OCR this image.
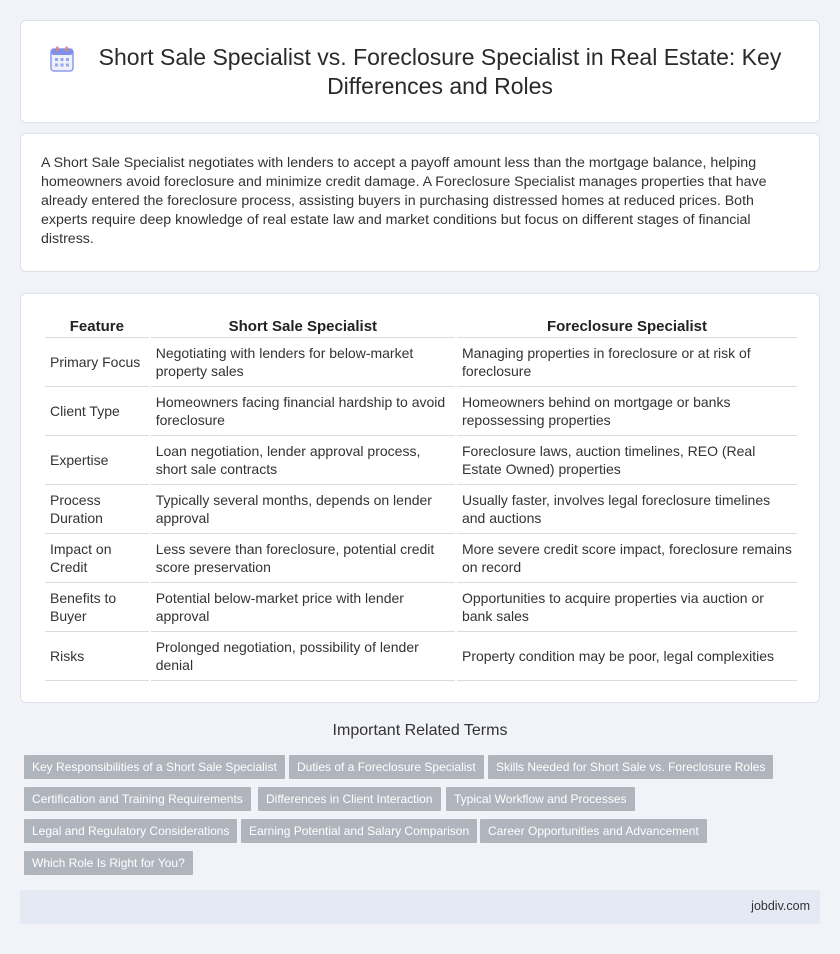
Short Sale Specialist vs. Foreclosure Specialist in Real Estate: Key Differences and Roles

A Short Sale Specialist negotiates with lenders to accept a payoff amount less than the mortgage balance, helping homeowners avoid foreclosure and minimize credit damage. A Foreclosure Specialist manages properties that have already entered the foreclosure process, assisting buyers in purchasing distressed homes at reduced prices. Both experts require deep knowledge of real estate law and market conditions but focus on different stages of financial distress.

Feature	Short Sale Specialist	Foreclosure Specialist
Primary Focus	Negotiating with lenders for below-market property sales	Managing properties in foreclosure or at risk of foreclosure
Client Type	Homeowners facing financial hardship to avoid foreclosure	Homeowners behind on mortgage or banks repossessing properties
Expertise	Loan negotiation, lender approval process, short sale contracts	Foreclosure laws, auction timelines, REO (Real Estate Owned) properties
Process Duration	Typically several months, depends on lender approval	Usually faster, involves legal foreclosure timelines and auctions
Impact on Credit	Less severe than foreclosure, potential credit score preservation	More severe credit score impact, foreclosure remains on record
Benefits to Buyer	Potential below-market price with lender approval	Opportunities to acquire properties via auction or bank sales
Risks	Prolonged negotiation, possibility of lender denial	Property condition may be poor, legal complexities
Important Related Terms
Key Responsibilities of a Short Sale Specialist	Duties of a Foreclosure Specialist	Skills Needed for Short Sale vs. Foreclosure Roles
Certification and Training Requirements	Differences in Client Interaction	Typical Workflow and Processes
Legal and Regulatory Considerations	Earning Potential and Salary Comparison	Career Opportunities and Advancement
Which Role Is Right for You?
jobdiv.com
